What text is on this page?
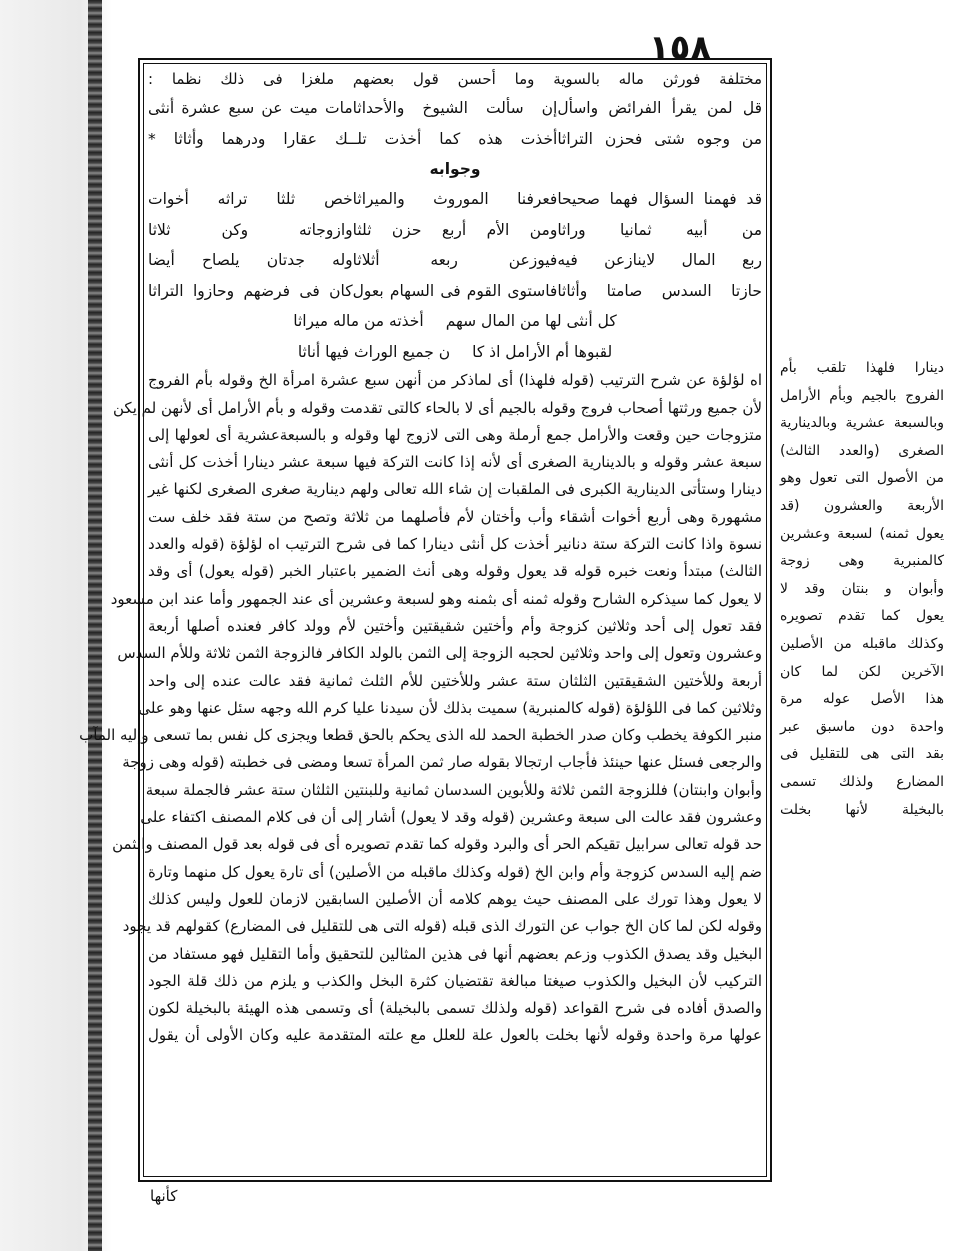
١٥٨
مختلفة فورثن ماله بالسوية وما أحسن قول بعضهم ملغزا فى ذلك نظما :
قل لمن يقرأ الفرائض واسأل
إن سألت الشيوخ والأحداثا
مات ميت عن سبع عشرة أنثى
من وجوه شتى فحزن التراثا
أخذت هذه كما أخذت تلـ
ـك عقارا ودرهما وأثاثا *
وجوابه
قد فهمنا السؤال فهما صحيحا
فعرفنا الموروث والميراثا
خص ثلثا تراثه أخوات
من أبيه ثمانيا وراثا
ومن الأم أربع حزن ثلثا
وازوجاته وكن ثلاثا
ربع المال لاينازعن فيه
فيوزعن ربعه أثلاثا
وله جدتان يلصاح أيضا
حازتا السدس صامتا وأثاثا
فاستوى القوم فى السهام بعول
كان فى فرضهم وحازوا التراثا
كل أنثى لها من المال سهم
أخذته من ماله ميراثا
لقبوها أم الأرامل اذ كا
ن جميع الوراث فيها أناثا
اه لؤلؤة عن شرح الترتيب (قوله فلهذا) أى لماذكر من أنهن سبع عشرة امرأة الخ وقوله بأم الفروج
لأن جميع ورثتها أصحاب فروج وقوله بالجيم أى لا بالحاء كالتى تقدمت وقوله و بأم الأرامل أى لأنهن لم يكن
متزوجات حين وقعت والأرامل جمع أرملة وهى التى لازوج لها وقوله و بالسبعةعشرية أى لعولها إلى
سبعة عشر وقوله و بالدينارية الصغرى أى لأنه إذا كانت التركة فيها سبعة عشر دينارا أخذت كل أنثى
دينارا وستأتى الدينارية الكبرى فى الملقبات إن شاء الله تعالى ولهم دينارية صغرى الصغرى لكنها غير
مشهورة وهى أربع أخوات أشقاء وأب وأختان لأم فأصلهما من ثلاثة وتصح من ستة فقد خلف ست
نسوة واذا كانت التركة ستة دنانير أخذت كل أنثى دينارا كما فى شرح الترتيب اه لؤلؤة (قوله والعدد
الثالث) مبتدأ ونعت خبره قوله قد يعول وقوله وهى أنث الضمير باعتبار الخبر (قوله يعول) أى وقد
لا يعول كما سيذكره الشارح وقوله ثمنه أى بثمنه وهو لسبعة وعشرين أى عند الجمهور وأما عند ابن مسعود
فقد تعول إلى أحد وثلاثين كزوجة وأم وأختين شقيقتين وأختين لأم وولد كافر فعنده أصلها أربعة
وعشرون وتعول إلى واحد وثلاثين لحجبه الزوجة إلى الثمن بالولد الكافر فالزوجة الثمن ثلاثة وللأم السدس
أربعة وللأختين الشقيقتين الثلثان ستة عشر وللأختين للأم الثلث ثمانية فقد عالت عنده إلى واحد
وثلاثين كما فى اللؤلؤة (قوله كالمنبرية) سميت بذلك لأن سيدنا عليا كرم الله وجهه سئل عنها وهو على
منبر الكوفة يخطب وكان صدر الخطبة الحمد لله الذى يحكم بالحق قطعا ويجزى كل نفس بما تسعى وإليه المآب
والرجعى فسئل عنها حينئذ فأجاب ارتجالا بقوله صار ثمن المرأة تسعا ومضى فى خطبته (قوله وهى زوجة
وأبوان وابنتان) فللزوجة الثمن ثلاثة وللأبوين السدسان ثمانية وللبنتين الثلثان ستة عشر فالجملة سبعة
وعشرون فقد عالت الى سبعة وعشرين (قوله وقد لا يعول) أشار إلى أن فى كلام المصنف اكتفاء على
حد قوله تعالى سرابيل تقيكم الحر أى والبرد وقوله كما تقدم تصويره أى فى قوله بعد قول المصنف والثمن
ضم إليه السدس كزوجة وأم وابن الخ (قوله وكذلك ماقبله من الأصلين) أى تارة يعول كل منهما وتارة
لا يعول وهذا تورك على المصنف حيث يوهم كلامه أن الأصلين السابقين لازمان للعول وليس كذلك
وقوله لكن لما كان الخ جواب عن التورك الذى قبله (قوله التى هى للتقليل فى المضارع) كقولهم قد يجود
البخيل وقد يصدق الكذوب وزعم بعضهم أنها فى هذين المثالين للتحقيق وأما التقليل فهو مستفاد من
التركيب لأن البخيل والكذوب صيغتا مبالغة تقتضيان كثرة البخل والكذب و يلزم من ذلك قلة الجود
والصدق أفاده فى شرح القواعد (قوله ولذلك تسمى بالبخيلة) أى وتسمى هذه الهيئة بالبخيلة لكون
عولها مرة واحدة وقوله لأنها بخلت بالعول علة للعلل مع علته المتقدمة عليه وكان الأولى أن يقول
دينارا فلهذا تلقب بأم
الفروج بالجيم وبأم الأرامل
وبالسبعة عشرية وبالدينارية
الصغرى (والعدد الثالث)
من الأصول التى تعول وهو
الأربعة والعشرون (قد
يعول ثمنه) لسبعة وعشرين
كالمنبرية وهى زوجة
وأبوان و بنتان وقد لا
يعول كما تقدم تصويره
وكذلك ماقبله من الأصلين
الآخرين لكن لما كان
هذا الأصل عوله مرة
واحدة دون ماسبق عبر
بقد التى هى للتقليل فى
المضارع ولذلك تسمى
بالبخيلة لأنها بخلت
كأنها
